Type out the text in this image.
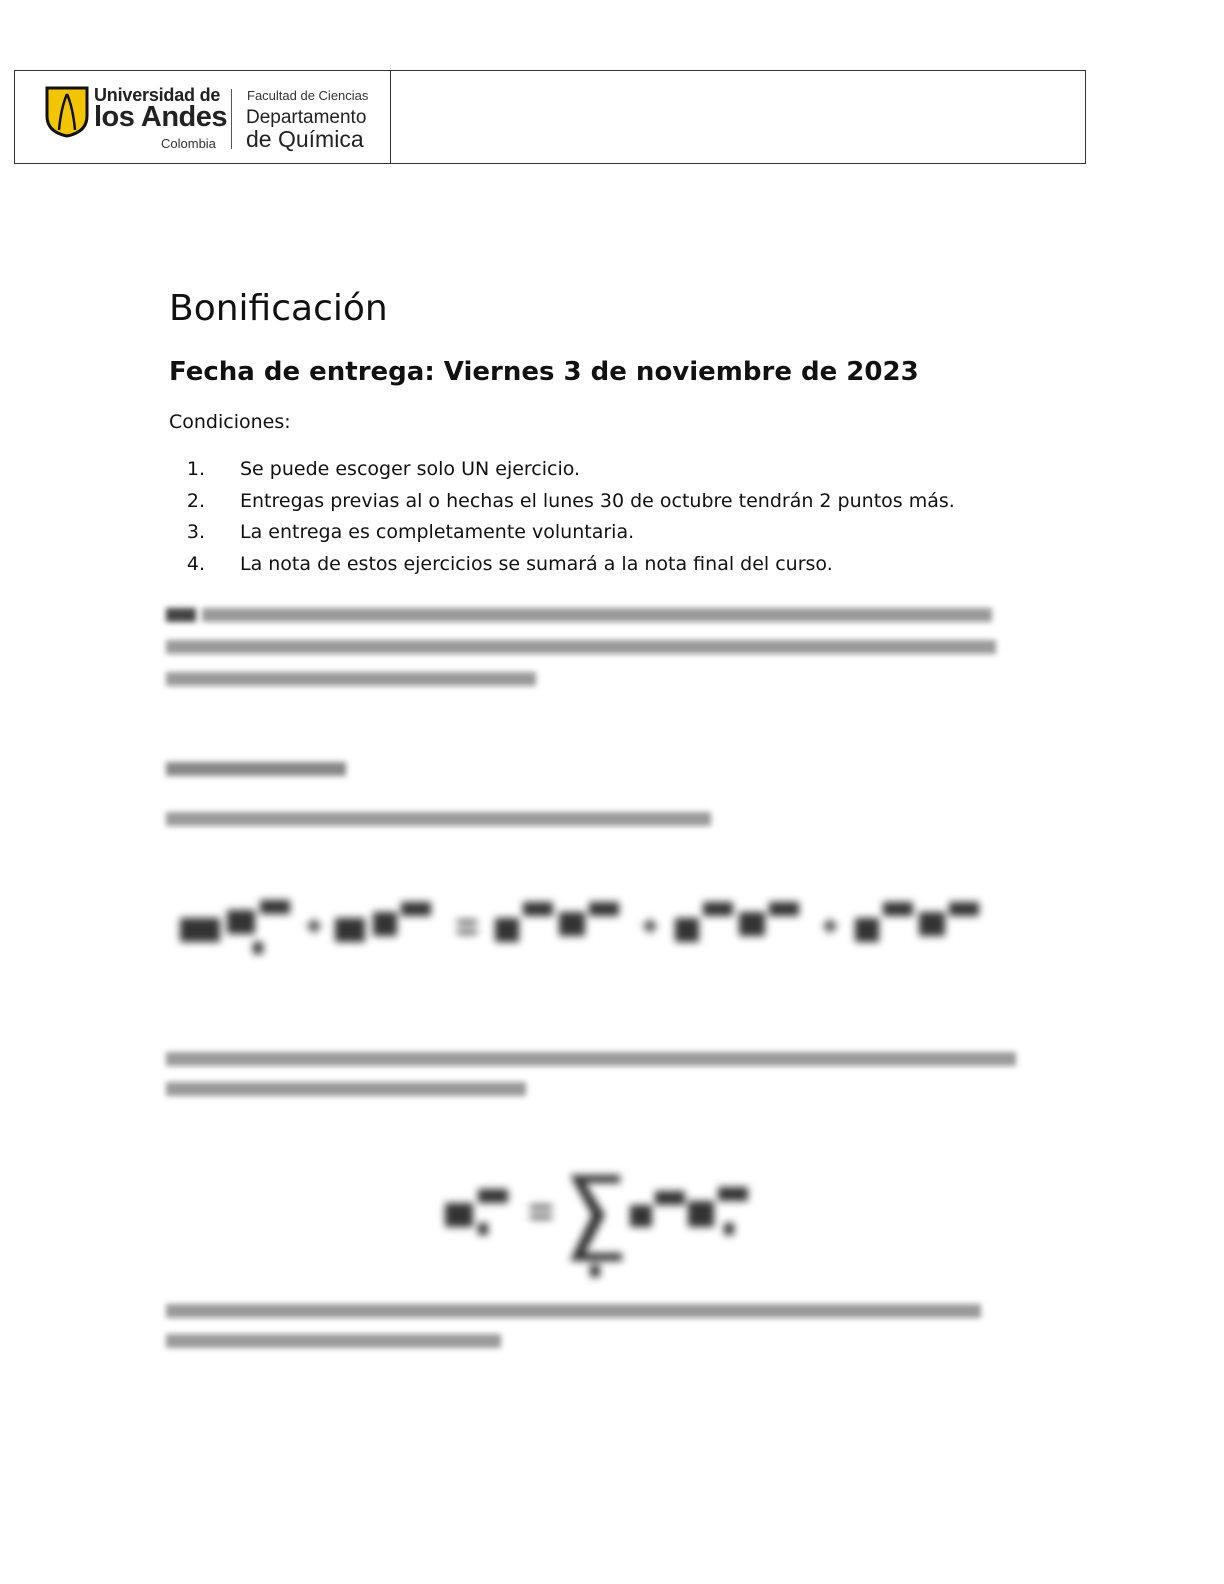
Universidad de
los Andes
Colombia
Facultad de Ciencias
Departamento
de Química
Bonificación
Fecha de entrega: Viernes 3 de noviembre de 2023

Condiciones:

1. Se puede escoger solo UN ejercicio.
2. Entregas previas al o hechas el lunes 30 de octubre tendrán 2 puntos más.
3. La entrega es completamente voluntaria.
4. La nota de estos ejercicios se sumará a la nota final del curso.
